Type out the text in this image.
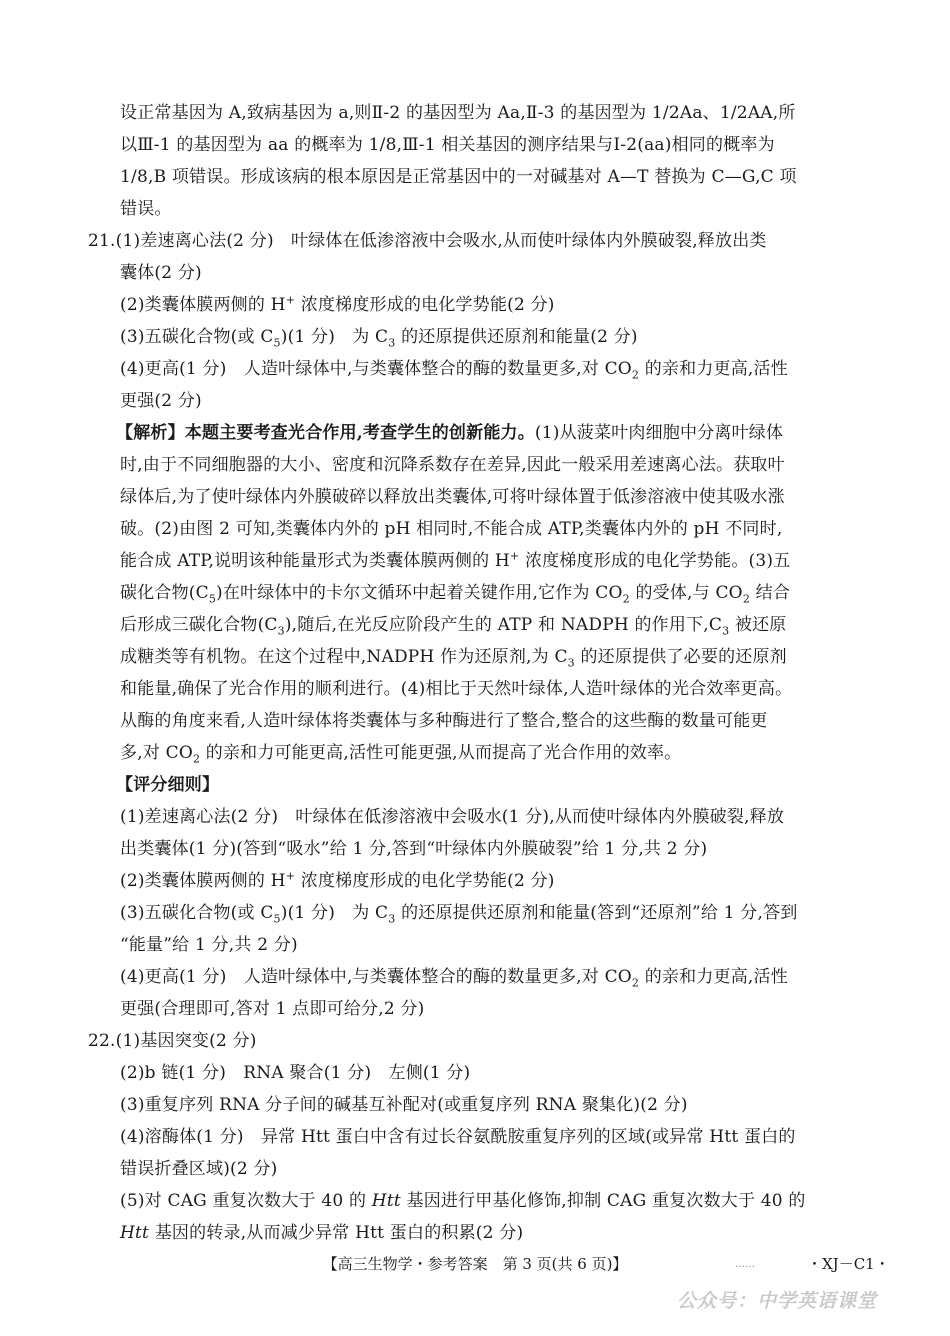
设正常基因为 A,致病基因为 a,则Ⅱ-2 的基因型为 Aa,Ⅱ-3 的基因型为 1/2Aa、1/2AA,所
以Ⅲ-1 的基因型为 aa 的概率为 1/8,Ⅲ-1 相关基因的测序结果与Ⅰ-2(aa)相同的概率为
1/8,B 项错误。形成该病的根本原因是正常基因中的一对碱基对 A—T 替换为 C—G,C 项
错误。
21.(1)差速离心法(2 分)　叶绿体在低渗溶液中会吸水,从而使叶绿体内外膜破裂,释放出类
囊体(2 分)
(2)类囊体膜两侧的 H+ 浓度梯度形成的电化学势能(2 分)
(3)五碳化合物(或 $C_5)(1$ 分)　为 $C_3$ 的还原提供还原剂和能量(2 分)
(4)更高(1 分)　人造叶绿体中,与类囊体整合的酶的数量更多,对 $CO_2$ 的亲和力更高,活性
更强(2 分)
【解析】本题主要考查光合作用,考查学生的创新能力。(1)从菠菜叶肉细胞中分离叶绿体
时,由于不同细胞器的大小、密度和沉降系数存在差异,因此一般采用差速离心法。获取叶
绿体后,为了使叶绿体内外膜破碎以释放出类囊体,可将叶绿体置于低渗溶液中使其吸水涨
破。(2)由图 2 可知,类囊体内外的 pH 相同时,不能合成 ATP,类囊体内外的 pH 不同时,
能合成 ATP,说明该种能量形式为类囊体膜两侧的 H+ 浓度梯度形成的电化学势能。(3)五
碳化合物$(C_5)$在叶绿体中的卡尔文循环中起着关键作用,它作为 $CO_2$ 的受体,与 $CO_2$ 结合
后形成三碳化合物$(C_3)$,随后,在光反应阶段产生的 ATP 和 NADPH 的作用下$,C_3$ 被还原
成糖类等有机物。在这个过程中,NADPH 作为还原剂,为 $C_3$ 的还原提供了必要的还原剂
和能量,确保了光合作用的顺利进行。(4)相比于天然叶绿体,人造叶绿体的光合效率更高。
从酶的角度来看,人造叶绿体将类囊体与多种酶进行了整合,整合的这些酶的数量可能更
多,对 $CO_2$ 的亲和力可能更高,活性可能更强,从而提高了光合作用的效率。
【评分细则】
(1)差速离心法(2 分)　叶绿体在低渗溶液中会吸水(1 分),从而使叶绿体内外膜破裂,释放
出类囊体(1 分)(答到“吸水”给 1 分,答到“叶绿体内外膜破裂”给 1 分,共 2 分)
(2)类囊体膜两侧的 H+ 浓度梯度形成的电化学势能(2 分)
(3)五碳化合物(或 $C_5)(1$ 分)　为 $C_3$ 的还原提供还原剂和能量(答到“还原剂”给 1 分,答到
“能量”给 1 分,共 2 分)
(4)更高(1 分)　人造叶绿体中,与类囊体整合的酶的数量更多,对 $CO_2$ 的亲和力更高,活性
更强(合理即可,答对 1 点即可给分,2 分)
22.(1)基因突变(2 分)
(2)b 链(1 分)　RNA 聚合(1 分)　左侧(1 分)
(3)重复序列 RNA 分子间的碱基互补配对(或重复序列 RNA 聚集化)(2 分)
(4)溶酶体(1 分)　异常 Htt 蛋白中含有过长谷氨酰胺重复序列的区域(或异常 Htt 蛋白的
错误折叠区域)(2 分)
(5)对 CAG 重复次数大于 40 的 Htt 基因进行甲基化修饰,抑制 CAG 重复次数大于 40 的
Htt 基因的转录,从而减少异常 Htt 蛋白的积累(2 分)
【高三生物学・参考答案　第 3 页(共 6 页)】	……	・XJ－C1・
公众号：中学英语课堂
